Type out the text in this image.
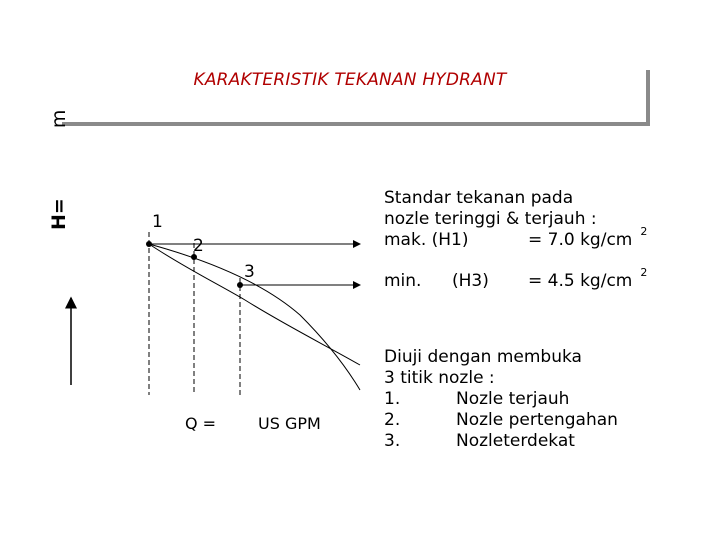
KARAKTERISTIK TEKANAN HYDRANT
H=m
1
2
3
Q =	US GPM
Standar tekanan pada
nozle teringgi & terjauh :
mak. (H1)	= 7.0 kg/cm $^2$
min. (H3) = 4.5 kg/cm $^2$
Diuji dengan membuka
3 titik nozle :
1.	Nozle terjauh
2.	Nozle pertengahan
3.	Nozleterdekat
